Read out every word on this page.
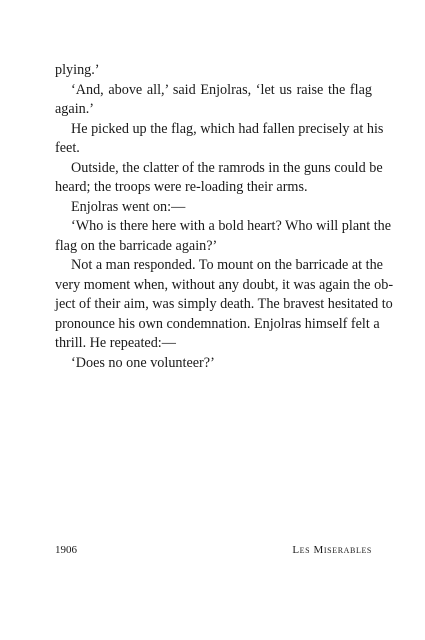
plying.’
‘And, above all,’ said Enjolras, ‘let us raise the flag
again.’
He picked up the flag, which had fallen precisely at his
feet.
Outside, the clatter of the ramrods in the guns could be
heard; the troops were re-loading their arms.
Enjolras went on:—
‘Who is there here with a bold heart? Who will plant the
flag on the barricade again?’
Not a man responded. To mount on the barricade at the
very moment when, without any doubt, it was again the ob-
ject of their aim, was simply death. The bravest hesitated to
pronounce his own condemnation. Enjolras himself felt a
thrill. He repeated:—
‘Does no one volunteer?’
1906	Les Miserables
